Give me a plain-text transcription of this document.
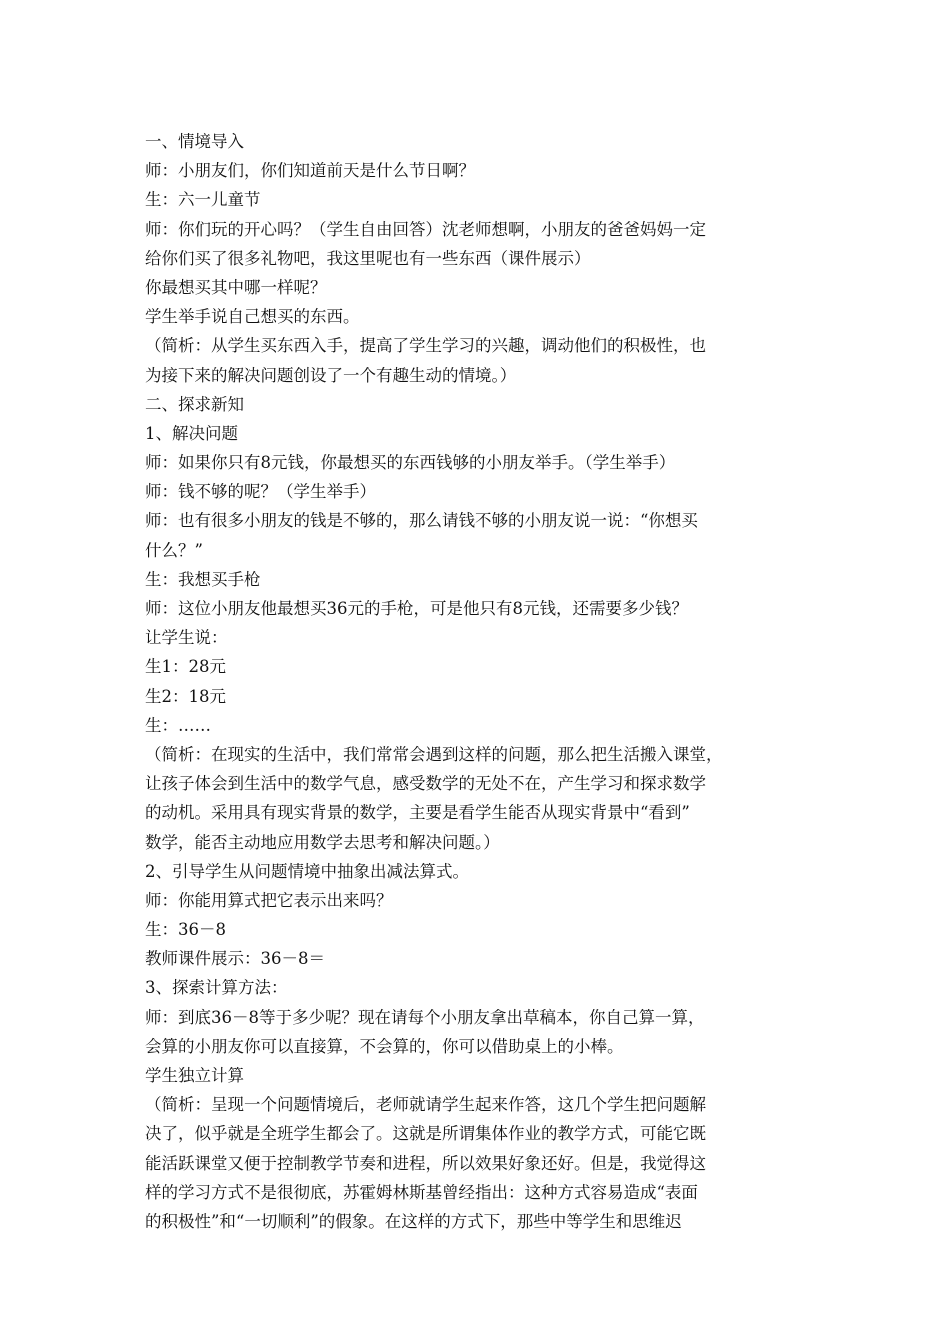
一、情境导入
师：小朋友们，你们知道前天是什么节日啊？
生：六一儿童节
师：你们玩的开心吗？（学生自由回答）沈老师想啊，小朋友的爸爸妈妈一定
给你们买了很多礼物吧，我这里呢也有一些东西（课件展示）
你最想买其中哪一样呢？
学生举手说自己想买的东西。
（简析：从学生买东西入手，提高了学生学习的兴趣，调动他们的积极性，也
为接下来的解决问题创设了一个有趣生动的情境。）
二、探求新知
1、解决问题
师：如果你只有8元钱，你最想买的东西钱够的小朋友举手。（学生举手）
师：钱不够的呢？（学生举手）
师：也有很多小朋友的钱是不够的，那么请钱不够的小朋友说一说：“你想买
什么？”
生：我想买手枪
师：这位小朋友他最想买36元的手枪，可是他只有8元钱，还需要多少钱？
让学生说：
生1：28元
生2：18元
生：……
（简析：在现实的生活中，我们常常会遇到这样的问题，那么把生活搬入课堂，
让孩子体会到生活中的数学气息，感受数学的无处不在，产生学习和探求数学
的动机。采用具有现实背景的数学，主要是看学生能否从现实背景中“看到”
数学，能否主动地应用数学去思考和解决问题。）
2、引导学生从问题情境中抽象出减法算式。
师：你能用算式把它表示出来吗？
生：36－8
教师课件展示：36－8＝
3、探索计算方法：
师：到底36－8等于多少呢？现在请每个小朋友拿出草稿本，你自己算一算，
会算的小朋友你可以直接算，不会算的，你可以借助桌上的小棒。
学生独立计算
（简析：呈现一个问题情境后，老师就请学生起来作答，这几个学生把问题解
决了，似乎就是全班学生都会了。这就是所谓集体作业的教学方式，可能它既
能活跃课堂又便于控制教学节奏和进程，所以效果好象还好。但是，我觉得这
样的学习方式不是很彻底，苏霍姆林斯基曾经指出：这种方式容易造成“表面
的积极性”和“一切顺利”的假象。在这样的方式下，那些中等学生和思维迟
